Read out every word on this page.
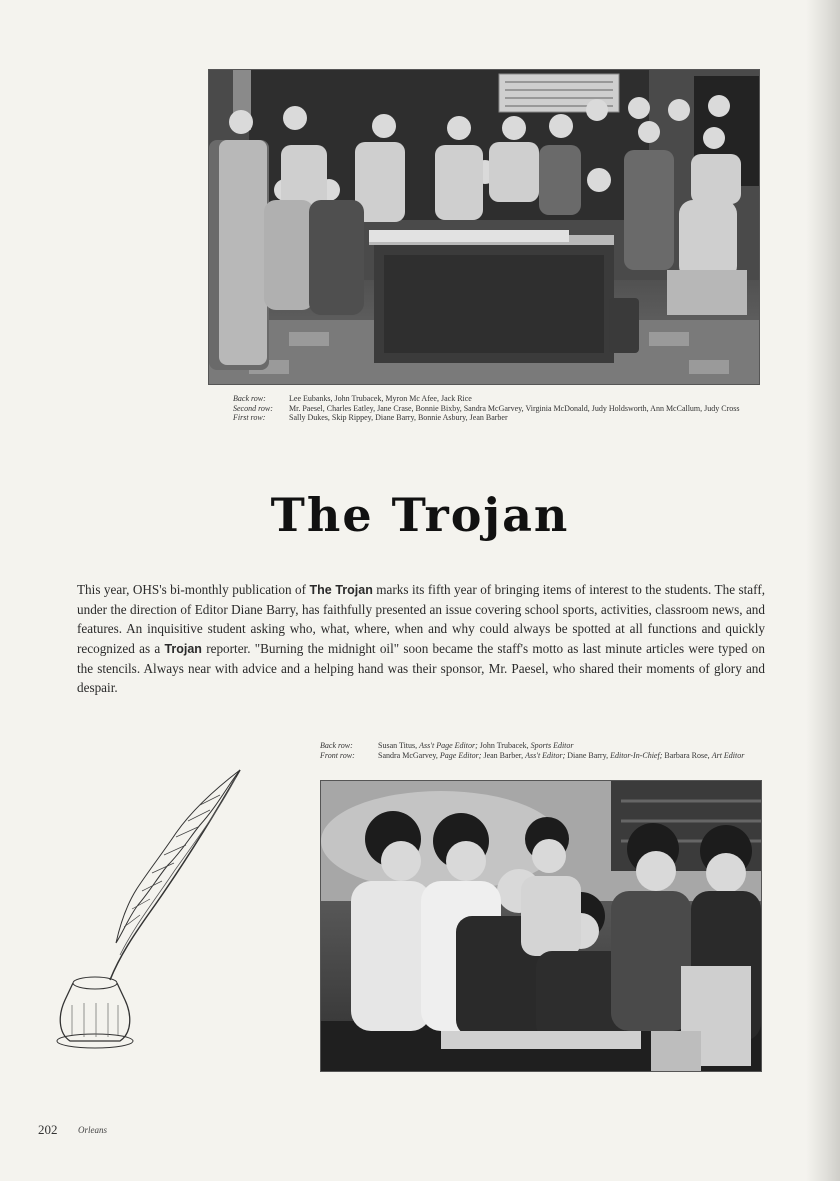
Back row:	Lee Eubanks, John Trubacek, Myron Mc Afee, Jack Rice
Second row:	Mr. Paesel, Charles Eatley, Jane Crase, Bonnie Bixby, Sandra McGarvey, Virginia McDonald, Judy Holdsworth, Ann McCallum, Judy Cross
First row:	Sally Dukes, Skip Rippey, Diane Barry, Bonnie Asbury, Jean Barber
The Trojan

This year, OHS's bi-monthly publication of The Trojan marks its fifth year of bringing items of interest to the students. The staff, under the direction of Editor Diane Barry, has faithfully presented an issue covering school sports, activities, classroom news, and features. An inquisitive student asking who, what, where, when and why could always be spotted at all functions and quickly recognized as a Trojan reporter. "Burning the midnight oil" soon became the staff's motto as last minute articles were typed on the stencils. Always near with advice and a helping hand was their sponsor, Mr. Paesel, who shared their moments of glory and despair.

Back row:	Susan Titus, Ass't Page Editor; John Trubacek, Sports Editor
Front row:	Sandra McGarvey, Page Editor; Jean Barber, Ass't Editor; Diane Barry, Editor-In-Chief; Barbara Rose, Art Editor
202 Orleans
